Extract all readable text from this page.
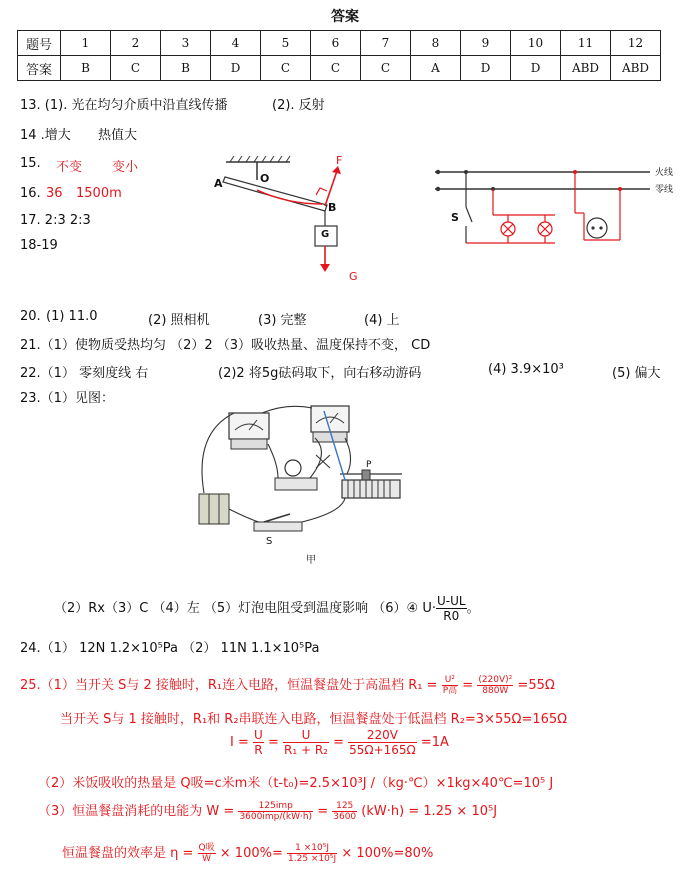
答案
题号	1	2	3	4	5	6	7	8	9	10	11	12
答案	B	C	B	D	C	C	C	A	D	D	ABD	ABD
13. (1). 光在均匀介质中沿直线传播	(2). 反射
14 .增大 热值大
15. 不变 变小
16. 36 1500m
17. 2:3 2:3
18-19
A	O
B
F
G
G
火线
零线
S
20. (1) 11.0	(2) 照相机	(3) 完整	(4) 上
21.（1）使物质受热均匀 （2）2 （3）吸收热量、温度保持不变， CD
22.（1） 零刻度线 右	(2)2 将5g砝码取下，向右移动游码	(4) 3.9×10³	(5) 偏大
23.（1）见图：
P
S
甲
（2）Rx（3）C （4）左 （5）灯泡电阻受到温度影响 （6）④ $U\cdot \frac{U-UL}{R0}$ 。
24.（1） 12N 1.2×10⁵Pa （2） 11N 1.1×10⁵Pa
25.（1）当开关 S与 2 接触时，R₁连入电路，恒温餐盘处于高温档 $R_1 = \frac{\text{U²}}{\text{P高}} = \frac{\text{(220V)²}}{880W} =55\Omega$
当开关 S与 1 接触时，R₁和 R₂串联连入电路，恒温餐盘处于低温档 R₂=3×55Ω=165Ω
$I = \frac{U}{R} = \frac{U}{\text{R₁ + R₂}} = \frac{220V}{55\Omega+165\Omega} =1A$
（2）米饭吸收的热量是 Q吸=c米m米（t-t₀)=2.5×10³J /（kg·℃）×1kg×40℃=10⁵ J
（3）恒温餐盘消耗的电能为 $W = \frac{\text{125imp}}{\text{3600imp/(kW·h)}} = \frac{125}{3600} (kW\cdot h) = 1.25 \times 10^5J$
恒温餐盘的效率是 $\eta = \frac{\text{Q吸}}{W} \times 100\%= \frac{\text{1 ×10⁵J}}{\text{1.25 ×10⁵J}} \times 100\%=80\%$
